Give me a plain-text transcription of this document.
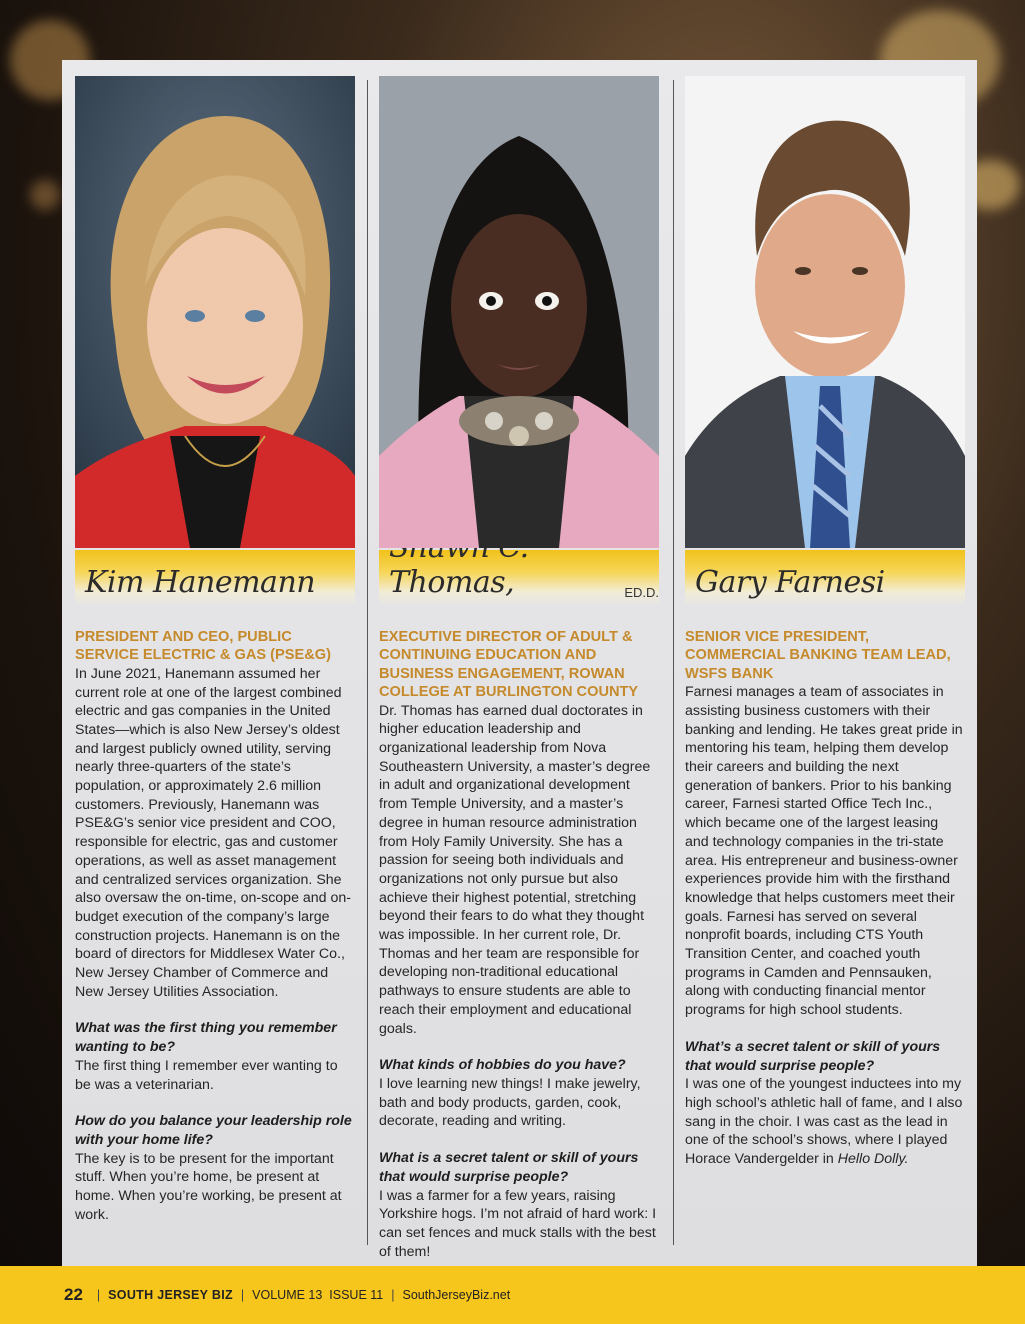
Kim Hanemann
PRESIDENT AND CEO, PUBLIC SERVICE ELECTRIC & GAS (PSE&G)
In June 2021, Hanemann assumed her current role at one of the largest combined electric and gas companies in the United States—which is also New Jersey’s oldest and largest publicly owned utility, serving nearly three-quarters of the state’s population, or approximately 2.6 million customers. Previously, Hanemann was PSE&G’s senior vice president and COO, responsible for electric, gas and customer operations, as well as asset management and centralized services organization. She also oversaw the on-time, on-scope and on-budget execution of the company’s large construction projects. Hanemann is on the board of directors for Middlesex Water Co., New Jersey Chamber of Commerce and New Jersey Utilities Association.
What was the first thing you remember wanting to be?
The first thing I remember ever wanting to be was a veterinarian.
How do you balance your leadership role with your home life?
The key is to be present for the important stuff. When you’re home, be present at home. When you’re working, be present at work.
Thomas,	ED.D.
EXECUTIVE DIRECTOR OF ADULT & CONTINUING EDUCATION AND BUSINESS ENGAGEMENT, ROWAN COLLEGE AT BURLINGTON COUNTY
Dr. Thomas has earned dual doctorates in higher education leadership and organizational leadership from Nova Southeastern University, a master’s degree in adult and organizational development from Temple University, and a master’s degree in human resource administration from Holy Family University. She has a passion for seeing both individuals and organizations not only pursue but also achieve their highest potential, stretching beyond their fears to do what they thought was impossible. In her current role, Dr. Thomas and her team are responsible for developing non-traditional educational pathways to ensure students are able to reach their employment and educational goals.
What kinds of hobbies do you have?
I love learning new things! I make jewelry, bath and body products, garden, cook, decorate, reading and writing.
What is a secret talent or skill of yours that would surprise people?
I was a farmer for a few years, raising Yorkshire hogs. I’m not afraid of hard work: I can set fences and muck stalls with the best of them!
Gary Farnesi
SENIOR VICE PRESIDENT, COMMERCIAL BANKING TEAM LEAD, WSFS BANK
Farnesi manages a team of associates in assisting business customers with their banking and lending. He takes great pride in mentoring his team, helping them develop their careers and building the next generation of bankers. Prior to his banking career, Farnesi started Office Tech Inc., which became one of the largest leasing and technology companies in the tri-state area. His entrepreneur and business-owner experiences provide him with the firsthand knowledge that helps customers meet their goals. Farnesi has served on several nonprofit boards, including CTS Youth Transition Center, and coached youth programs in Camden and Pennsauken, along with conducting financial mentor programs for high school students.
What’s a secret talent or skill of yours that would surprise people?
I was one of the youngest inductees into my high school’s athletic hall of fame, and I also sang in the choir. I was cast as the lead in one of the school’s shows, where I played Horace Vandergelder in Hello Dolly.
22 | SOUTH JERSEY BIZ | VOLUME 13  ISSUE 11 | SouthJerseyBiz.net
